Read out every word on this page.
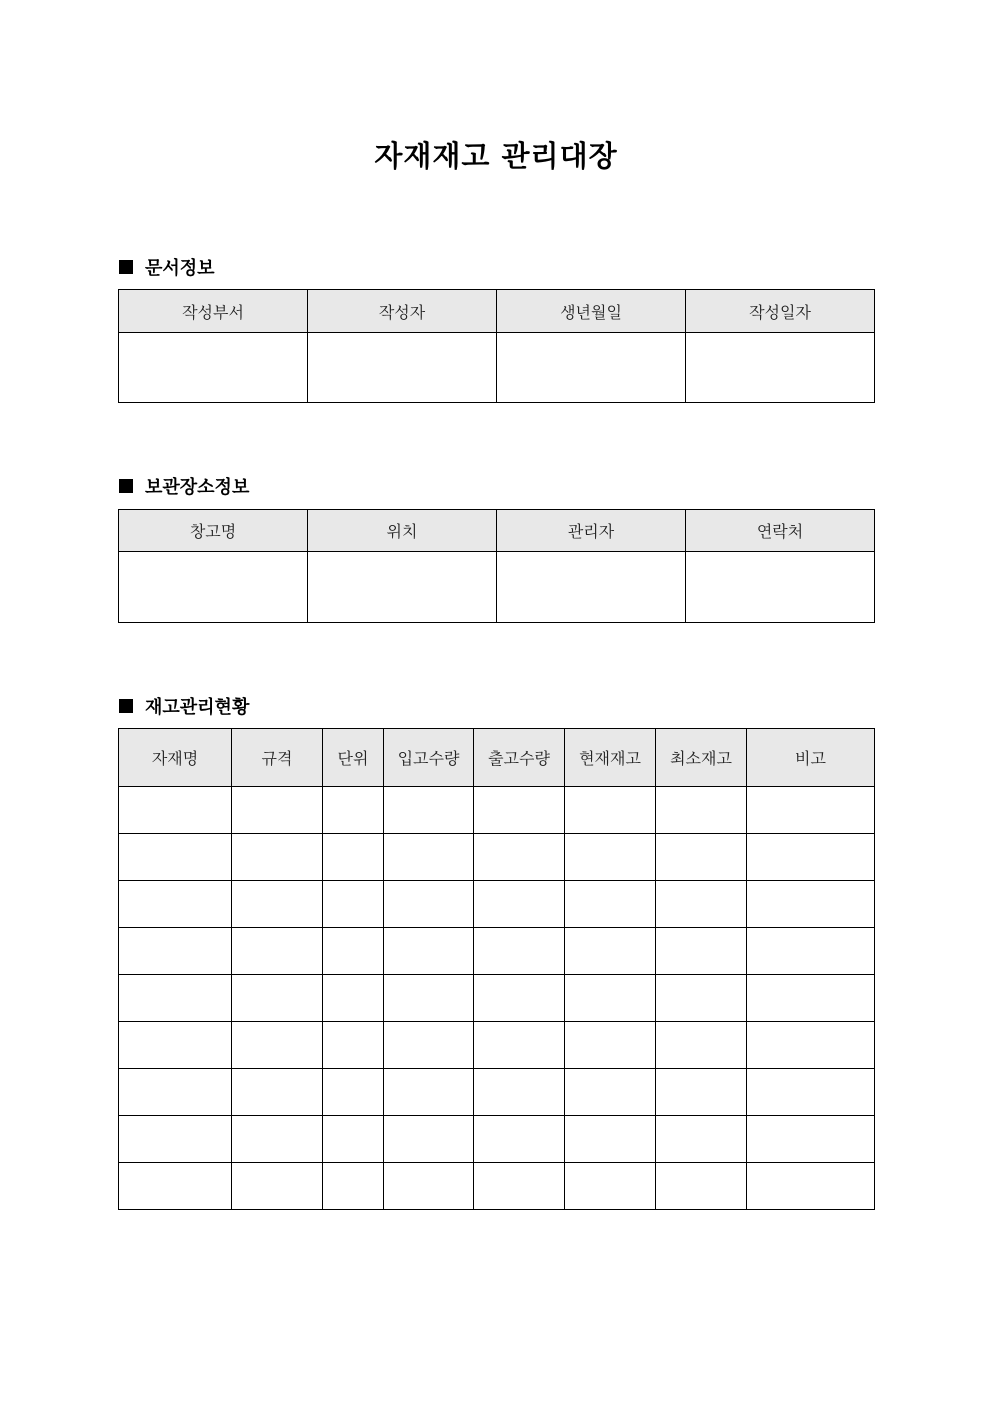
자재재고 관리대장
문서정보
작성부서	작성자	생년월일	작성일자

보관장소정보
창고명	위치	관리자	연락처

재고관리현황
자재명	규격	단위	입고수량	출고수량	현재재고	최소재고	비고
